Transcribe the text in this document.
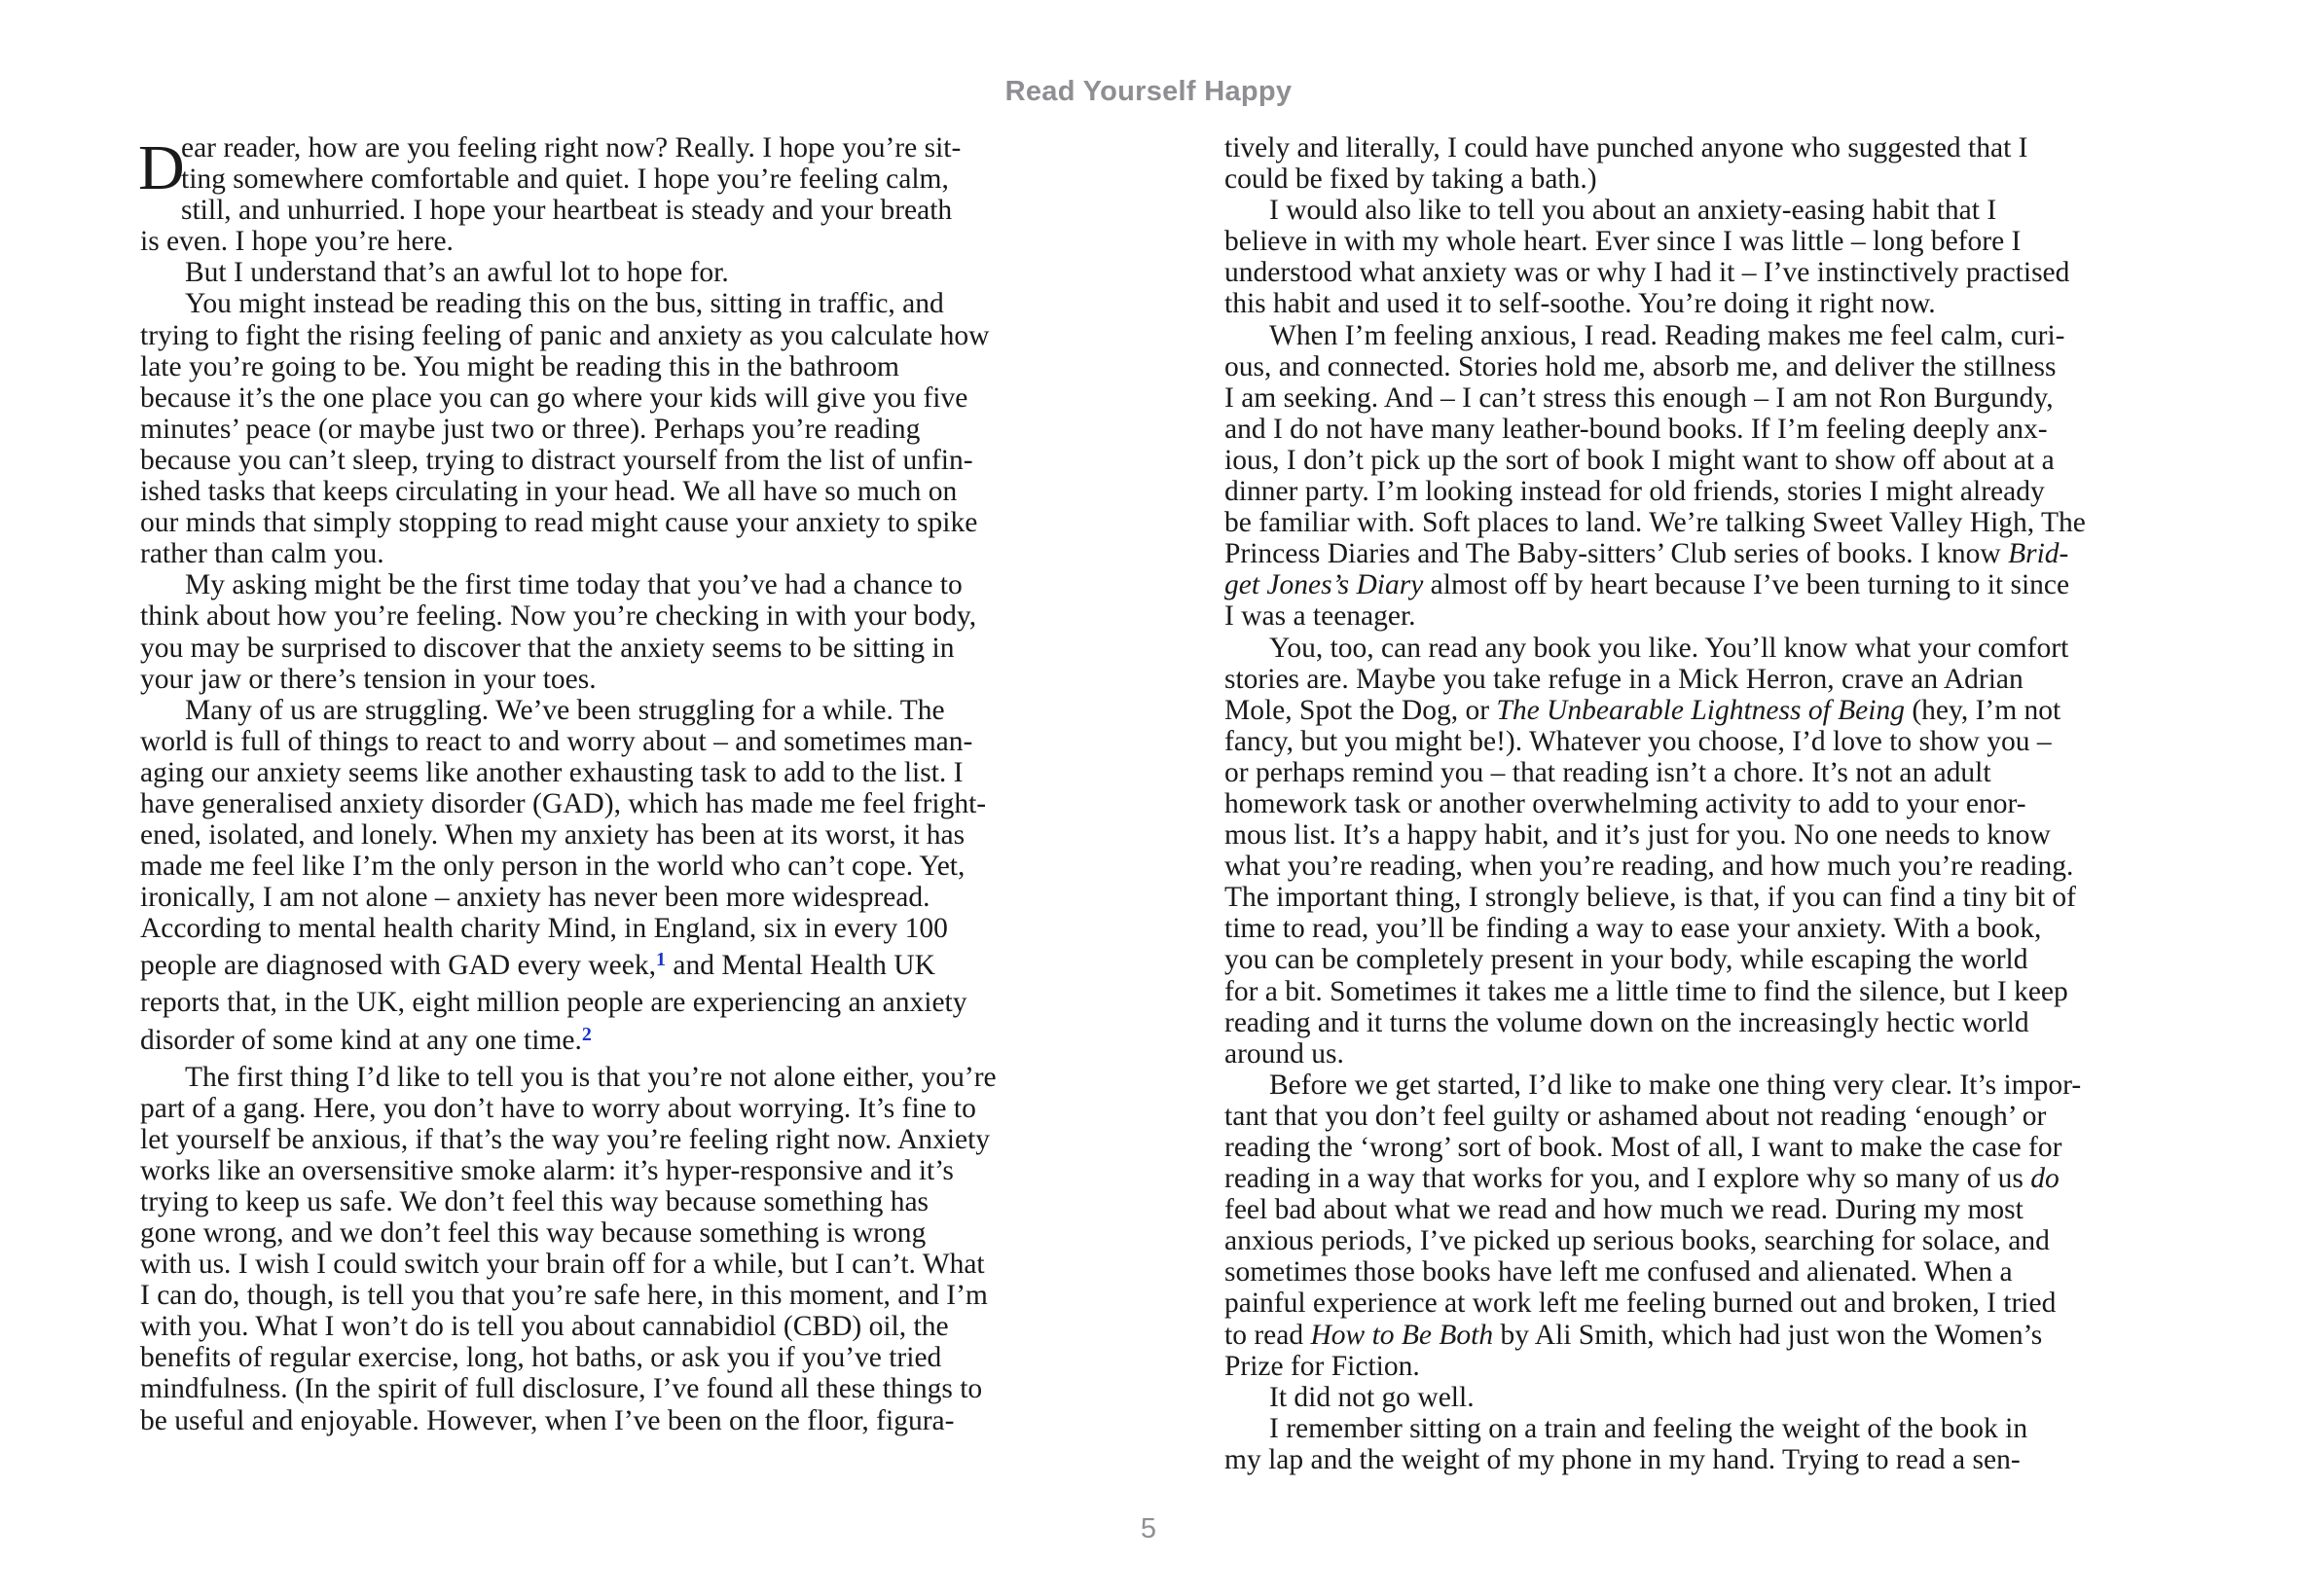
Read Yourself Happy
D
ear reader, how are you feeling right now? Really. I hope you’re sit-
ting somewhere comfortable and quiet. I hope you’re feeling calm,
still, and unhurried. I hope your heartbeat is steady and your breath
is even. I hope you’re here.
But I understand that’s an awful lot to hope for.
You might instead be reading this on the bus, sitting in traffic, and
trying to fight the rising feeling of panic and anxiety as you calculate how
late you’re going to be. You might be reading this in the bathroom
because it’s the one place you can go where your kids will give you five
minutes’ peace (or maybe just two or three). Perhaps you’re reading
because you can’t sleep, trying to distract yourself from the list of unfin-
ished tasks that keeps circulating in your head. We all have so much on
our minds that simply stopping to read might cause your anxiety to spike
rather than calm you.
My asking might be the first time today that you’ve had a chance to
think about how you’re feeling. Now you’re checking in with your body,
you may be surprised to discover that the anxiety seems to be sitting in
your jaw or there’s tension in your toes.
Many of us are struggling. We’ve been struggling for a while. The
world is full of things to react to and worry about – and sometimes man-
aging our anxiety seems like another exhausting task to add to the list. I
have generalised anxiety disorder (GAD), which has made me feel fright-
ened, isolated, and lonely. When my anxiety has been at its worst, it has
made me feel like I’m the only person in the world who can’t cope. Yet,
ironically, I am not alone – anxiety has never been more widespread.
According to mental health charity Mind, in England, six in every 100
people are diagnosed with GAD every week,$^1$ and Mental Health UK
reports that, in the UK, eight million people are experiencing an anxiety
disorder of some kind at any one time.$^2$
The first thing I’d like to tell you is that you’re not alone either, you’re
part of a gang. Here, you don’t have to worry about worrying. It’s fine to
let yourself be anxious, if that’s the way you’re feeling right now. Anxiety
works like an oversensitive smoke alarm: it’s hyper-responsive and it’s
trying to keep us safe. We don’t feel this way because something has
gone wrong, and we don’t feel this way because something is wrong
with us. I wish I could switch your brain off for a while, but I can’t. What
I can do, though, is tell you that you’re safe here, in this moment, and I’m
with you. What I won’t do is tell you about cannabidiol (CBD) oil, the
benefits of regular exercise, long, hot baths, or ask you if you’ve tried
mindfulness. (In the spirit of full disclosure, I’ve found all these things to
be useful and enjoyable. However, when I’ve been on the floor, figura-
tively and literally, I could have punched anyone who suggested that I
could be fixed by taking a bath.)
I would also like to tell you about an anxiety-easing habit that I
believe in with my whole heart. Ever since I was little – long before I
understood what anxiety was or why I had it – I’ve instinctively practised
this habit and used it to self-soothe. You’re doing it right now.
When I’m feeling anxious, I read. Reading makes me feel calm, curi-
ous, and connected. Stories hold me, absorb me, and deliver the stillness
I am seeking. And – I can’t stress this enough – I am not Ron Burgundy,
and I do not have many leather-bound books. If I’m feeling deeply anx-
ious, I don’t pick up the sort of book I might want to show off about at a
dinner party. I’m looking instead for old friends, stories I might already
be familiar with. Soft places to land. We’re talking Sweet Valley High, The
Princess Diaries and The Baby-sitters’ Club series of books. I know Brid-
get Jones’s Diary almost off by heart because I’ve been turning to it since
I was a teenager.
You, too, can read any book you like. You’ll know what your comfort
stories are. Maybe you take refuge in a Mick Herron, crave an Adrian
Mole, Spot the Dog, or The Unbearable Lightness of Being (hey, I’m not
fancy, but you might be!). Whatever you choose, I’d love to show you –
or perhaps remind you – that reading isn’t a chore. It’s not an adult
homework task or another overwhelming activity to add to your enor-
mous list. It’s a happy habit, and it’s just for you. No one needs to know
what you’re reading, when you’re reading, and how much you’re reading.
The important thing, I strongly believe, is that, if you can find a tiny bit of
time to read, you’ll be finding a way to ease your anxiety. With a book,
you can be completely present in your body, while escaping the world
for a bit. Sometimes it takes me a little time to find the silence, but I keep
reading and it turns the volume down on the increasingly hectic world
around us.
Before we get started, I’d like to make one thing very clear. It’s impor-
tant that you don’t feel guilty or ashamed about not reading ‘enough’ or
reading the ‘wrong’ sort of book. Most of all, I want to make the case for
reading in a way that works for you, and I explore why so many of us do
feel bad about what we read and how much we read. During my most
anxious periods, I’ve picked up serious books, searching for solace, and
sometimes those books have left me confused and alienated. When a
painful experience at work left me feeling burned out and broken, I tried
to read How to Be Both by Ali Smith, which had just won the Women’s
Prize for Fiction.
It did not go well.
I remember sitting on a train and feeling the weight of the book in
my lap and the weight of my phone in my hand. Trying to read a sen-
5
